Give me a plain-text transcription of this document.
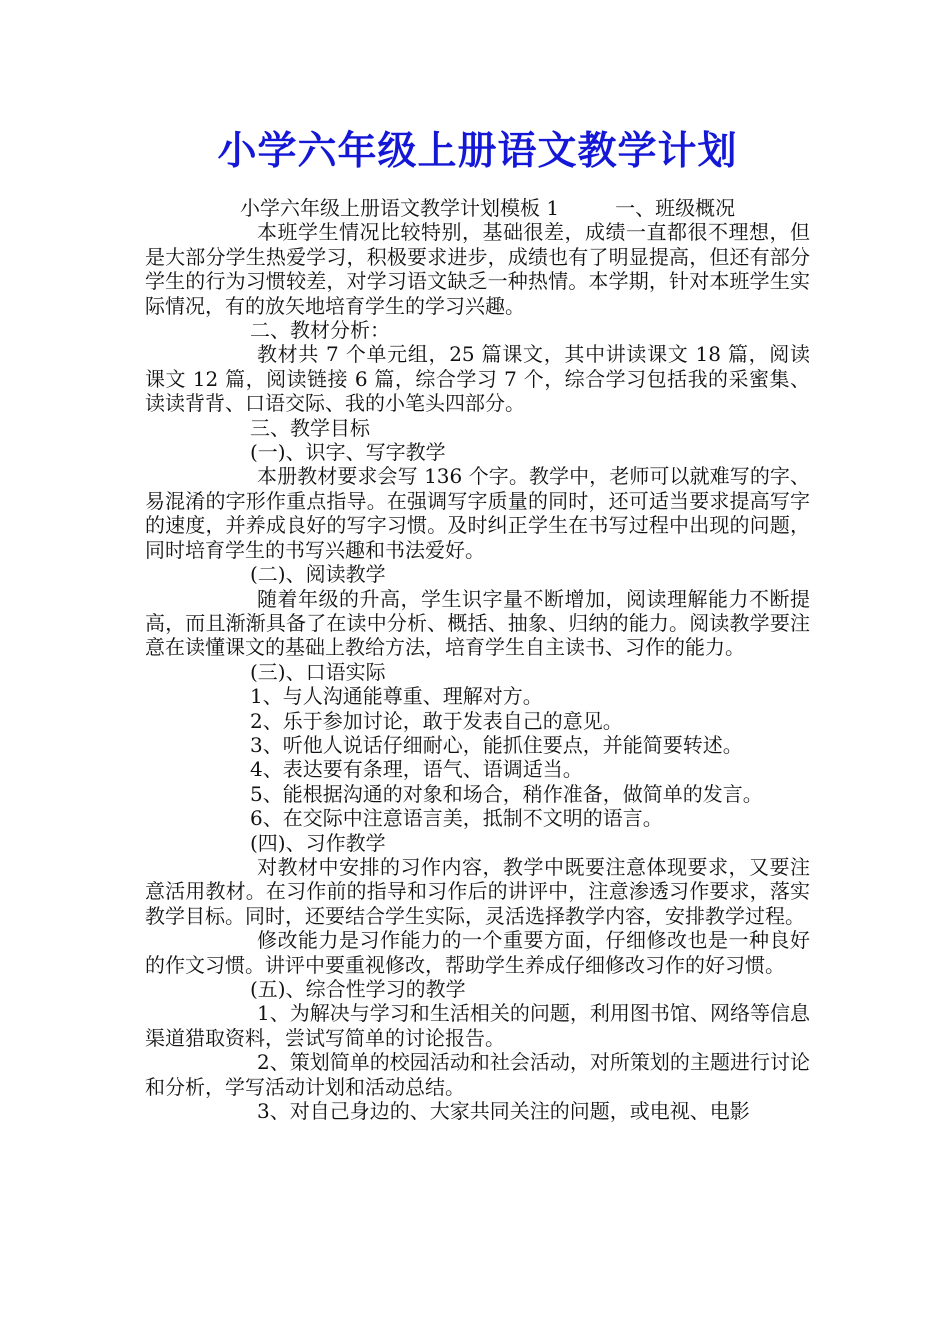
小学六年级上册语文教学计划

小学六年级上册语文教学计划模板 1	一、班级概况

本班学生情况比较特别，基础很差，成绩一直都很不理想，但是大部分学生热爱学习，积极要求进步，成绩也有了明显提高，但还有部分学生的行为习惯较差，对学习语文缺乏一种热情。本学期，针对本班学生实际情况，有的放矢地培育学生的学习兴趣。

二、教材分析：

教材共 7 个单元组，25 篇课文，其中讲读课文 18 篇，阅读课文 12 篇，阅读链接 6 篇，综合学习 7 个，综合学习包括我的采蜜集、读读背背、口语交际、我的小笔头四部分。

三、教学目标

(一)、识字、写字教学

本册教材要求会写 136 个字。教学中，老师可以就难写的字、易混淆的字形作重点指导。在强调写字质量的同时，还可适当要求提高写字的速度，并养成良好的写字习惯。及时纠正学生在书写过程中出现的问题，同时培育学生的书写兴趣和书法爱好。

(二)、阅读教学

随着年级的升高，学生识字量不断增加，阅读理解能力不断提高，而且渐渐具备了在读中分析、概括、抽象、归纳的能力。阅读教学要注意在读懂课文的基础上教给方法，培育学生自主读书、习作的能力。

(三)、口语实际

1、与人沟通能尊重、理解对方。

2、乐于参加讨论，敢于发表自己的意见。

3、听他人说话仔细耐心，能抓住要点，并能简要转述。

4、表达要有条理，语气、语调适当。

5、能根据沟通的对象和场合，稍作准备，做简单的发言。

6、在交际中注意语言美，抵制不文明的语言。

(四)、习作教学

对教材中安排的习作内容，教学中既要注意体现要求，又要注意活用教材。在习作前的指导和习作后的讲评中，注意渗透习作要求，落实教学目标。同时，还要结合学生实际，灵活选择教学内容，安排教学过程。

修改能力是习作能力的一个重要方面，仔细修改也是一种良好的作文习惯。讲评中要重视修改，帮助学生养成仔细修改习作的好习惯。

(五)、综合性学习的教学

1、为解决与学习和生活相关的问题，利用图书馆、网络等信息渠道猎取资料，尝试写简单的讨论报告。

2、策划简单的校园活动和社会活动，对所策划的主题进行讨论和分析，学写活动计划和活动总结。

3、对自己身边的、大家共同关注的问题，或电视、电影
